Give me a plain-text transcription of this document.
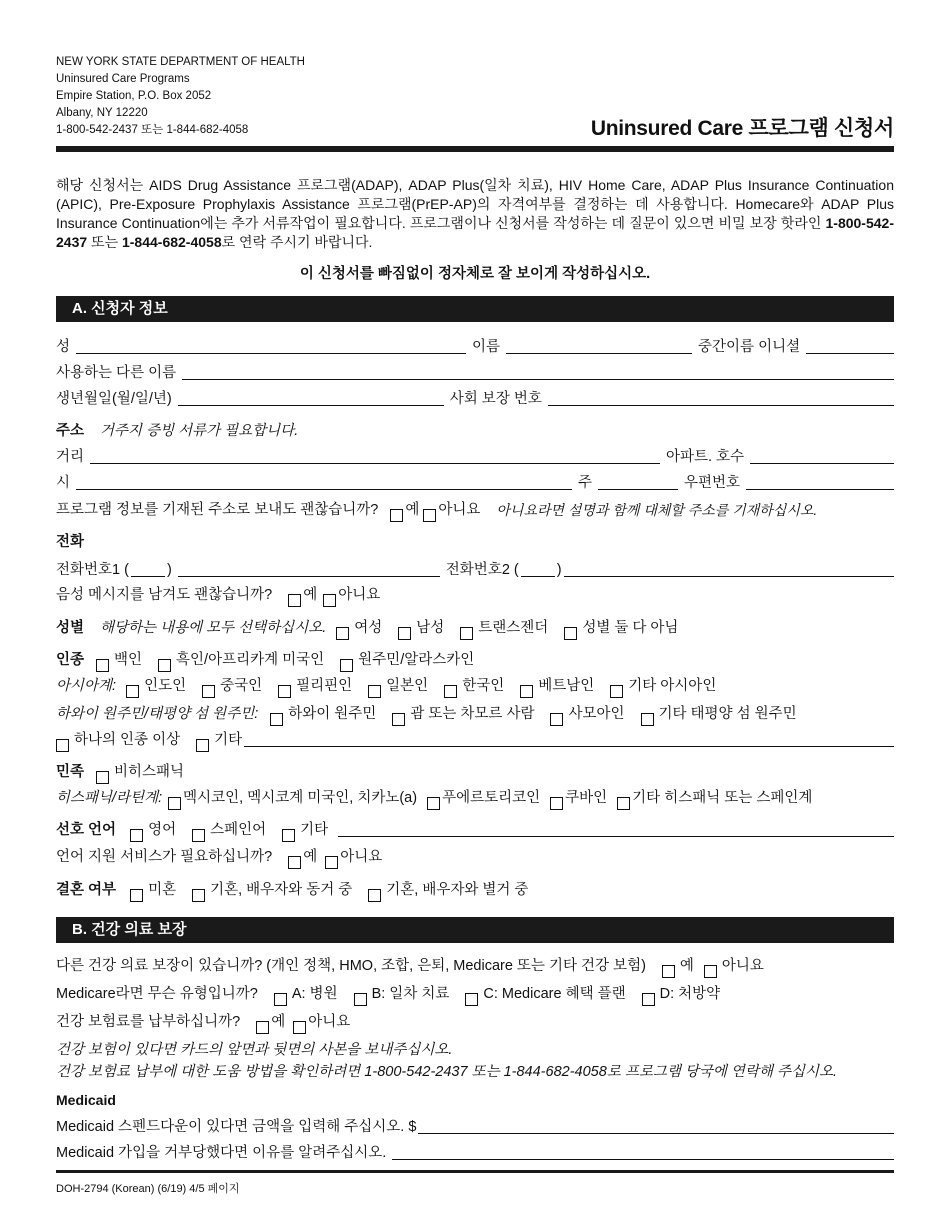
NEW YORK STATE DEPARTMENT OF HEALTH
Uninsured Care Programs
Empire Station, P.O. Box 2052
Albany, NY 12220
1-800-542-2437 또는 1-844-682-4058	Uninsured Care 프로그램 신청서
해당 신청서는 AIDS Drug Assistance 프로그램(ADAP), ADAP Plus(일차 치료), HIV Home Care, ADAP Plus Insurance Continuation (APIC), Pre-Exposure Prophylaxis Assistance 프로그램(PrEP-AP)의 자격여부를 결정하는 데 사용합니다. Homecare와 ADAP Plus Insurance Continuation에는 추가 서류작업이 필요합니다. 프로그램이나 신청서를 작성하는 데 질문이 있으면 비밀 보장 핫라인 1-800-542-2437 또는 1-844-682-4058로 연락 주시기 바랍니다.
이 신청서를 빠짐없이 정자체로 잘 보이게 작성하십시오.
A. 신청자 정보
성	이름	중간이름 이니셜
사용하는 다른 이름
생년월일(월/일/년)	사회 보장 번호
주소 거주지 증빙 서류가 필요합니다.
거리	아파트. 호수
시	주	우편번호
프로그램 정보를 기재된 주소로 보내도 괜찮습니까? 예 아니요 아니요라면 설명과 함께 대체할 주소를 기재하십시오.
전화
전화번호1 (	)	전화번호2 (	)
음성 메시지를 남겨도 괜찮습니까? 예 아니요
성별 해당하는 내용에 모두 선택하십시오. 여성 남성 트랜스젠더 성별 둘 다 아님
인종 백인 흑인/아프리카계 미국인 원주민/알라스카인
아시아계: 인도인 중국인 필리핀인 일본인 한국인 베트남인 기타 아시아인
하와이 원주민/태평양 섬 원주민: 하와이 원주민 괌 또는 차모르 사람 사모아인 기타 태평양 섬 원주민
하나의 인종 이상 기타
민족 비히스패닉
히스패닉/라틴계: 멕시코인, 멕시코계 미국인, 치카노(a) 푸에르토리코인 쿠바인 기타 히스패닉 또는 스페인계
선호 언어 영어 스페인어 기타
언어 지원 서비스가 필요하십니까? 예 아니요
결혼 여부 미혼 기혼, 배우자와 동거 중 기혼, 배우자와 별거 중
B. 건강 의료 보장
다른 건강 의료 보장이 있습니까? (개인 정책, HMO, 조합, 은퇴, Medicare 또는 기타 건강 보험) 예 아니요
Medicare라면 무슨 유형입니까? A: 병원 B: 일차 치료 C: Medicare 혜택 플랜 D: 처방약
건강 보험료를 납부하십니까? 예 아니요
건강 보험이 있다면 카드의 앞면과 뒷면의 사본을 보내주십시오.
건강 보험료 납부에 대한 도움 방법을 확인하려면 1-800-542-2437 또는 1-844-682-4058로 프로그램 당국에 연락해 주십시오.
Medicaid
Medicaid 스펜드다운이 있다면 금액을 입력해 주십시오. $
Medicaid 가입을 거부당했다면 이유를 알려주십시오.
DOH-2794 (Korean) (6/19) 4/5 페이지
